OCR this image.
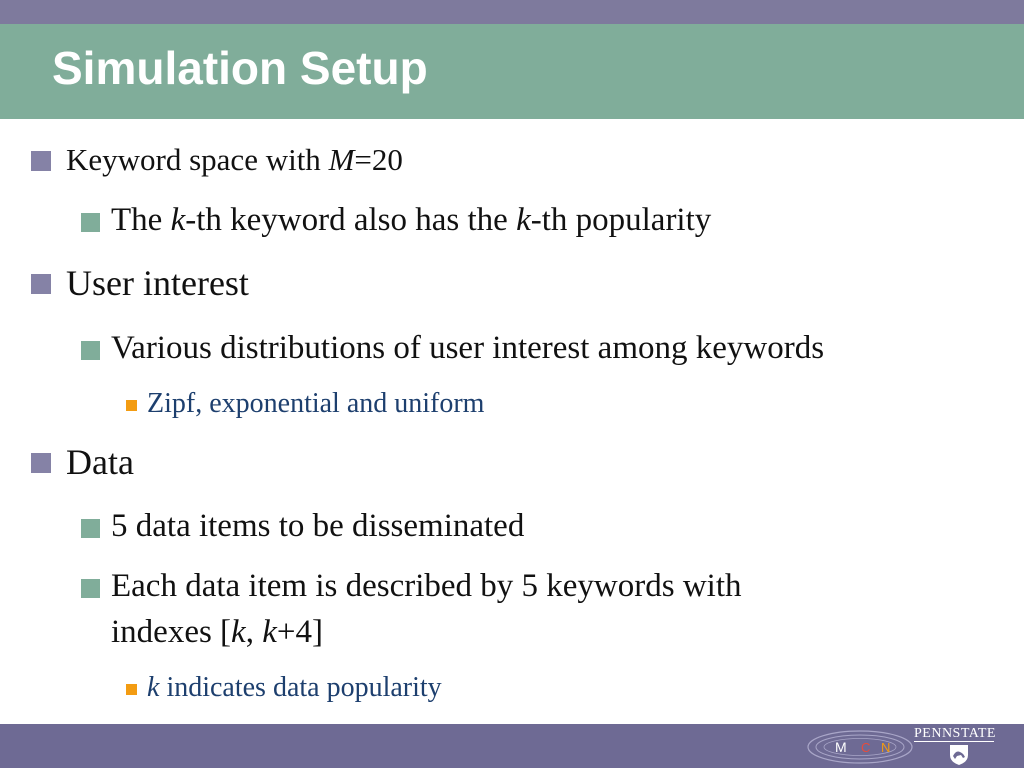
Simulation Setup

Keyword space with M=20

The k-th keyword also has the k-th popularity

User interest

Various distributions of user interest among keywords

Zipf, exponential and uniform

Data

5 data items to be disseminated

Each data item is described by 5 keywords with
indexes [k, k+4]

k indicates data popularity

M C N
PENNSTATE
